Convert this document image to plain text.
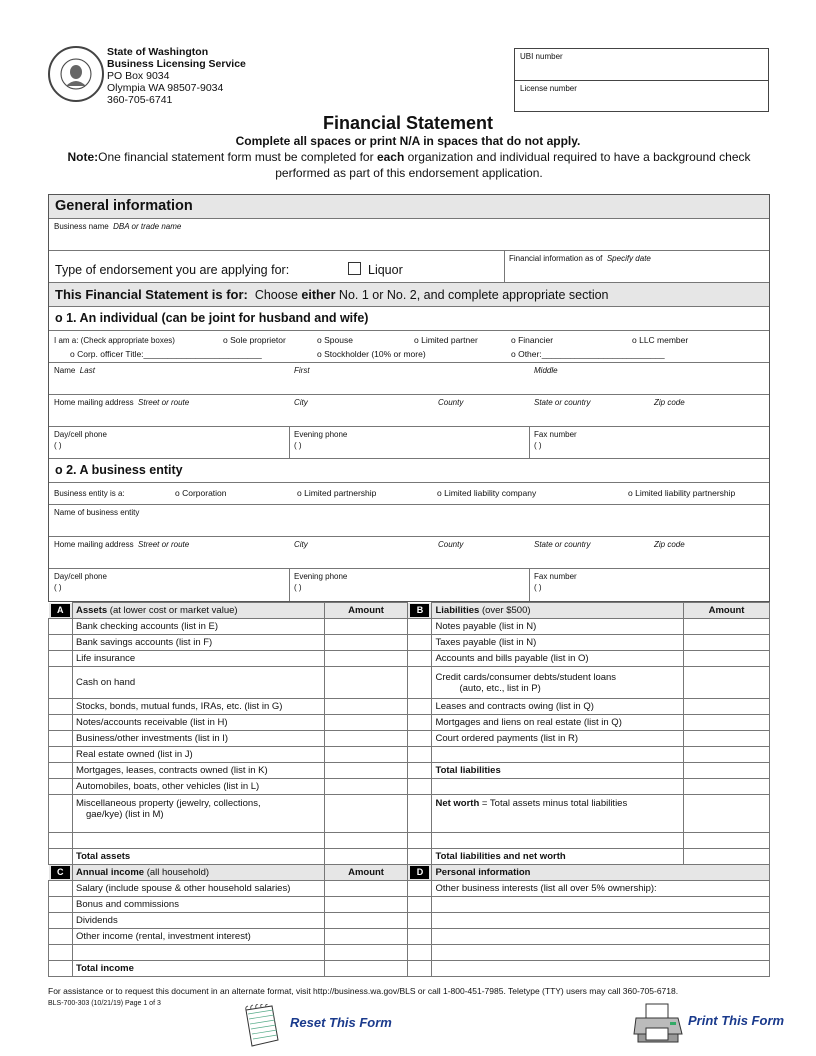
State of Washington
Business Licensing Service
PO Box 9034
Olympia WA 98507-9034
360-705-6741
UBI number
License number
Financial Statement
Complete all spaces or print N/A in spaces that do not apply.
Note:One financial statement form must be completed for each organization and individual required to have a background check performed as part of this endorsement application.
General information
Business name DBA or trade name
Type of endorsement you are applying for:	Liquor
Financial information as of Specify date
This Financial Statement is for: Choose either No. 1 or No. 2, and complete appropriate section
o 1. An individual (can be joint for husband and wife)
I am a: (Check appropriate boxes)	o Sole proprietor	o Spouse	o Limited partner	o Financier	o LLC member
o Corp. officer Title:_________________________	o Stockholder (10% or more)	o Other:__________________________
Name Last	First	Middle
Home mailing address Street or route	City	County	State or country	Zip code
Day/cell phone
( )
Evening phone
( )
Fax number
( )
o 2. A business entity
Business entity is a:	o Corporation	o Limited partnership	o Limited liability company	o Limited liability partnership
Name of business entity
Home mailing address Street or route	City	County	State or country	Zip code
Day/cell phone
( )
Evening phone
( )
Fax number
( )
A	Assets (at lower cost or market value)	Amount	B	Liabilities (over $500)	Amount
	Bank checking accounts (list in E)			Notes payable (list in N)	
	Bank savings accounts (list in F)			Taxes payable (list in N)	
	Life insurance			Accounts and bills payable (list in O)	
	Cash on hand			Credit cards/consumer debts/student loans
(auto, etc., list in P)	

	Stocks, bonds, mutual funds, IRAs, etc. (list in G)			Leases and contracts owing (list in Q)	
	Notes/accounts receivable (list in H)			Mortgages and liens on real estate (list in Q)	
	Business/other investments (list in I)			Court ordered payments (list in R)	
	Real estate owned (list in J)				
	Mortgages, leases, contracts owned (list in K)			Total liabilities	
	Automobiles, boats, other vehicles (list in L)				

	Miscellaneous property (jewelry, collections,
gae/kye) (list in M)			Net worth = Total assets minus total liabilities	

	Total assets			Total liabilities and net worth	
C	Annual income (all household)	Amount	D	Personal information	
	Salary (include spouse & other household salaries)			Other business interests (list all over 5% ownership):	
	Bonus and commissions				
	Dividends				
	Other income (rental, investment interest)				

	Total income				
For assistance or to request this document in an alternate format, visit http://business.wa.gov/BLS or call 1-800-451-7985. Teletype (TTY) users may call 360-705-6718.
BLS-700-303 (10/21/19) Page 1 of 3
Reset This Form	Print This Form
